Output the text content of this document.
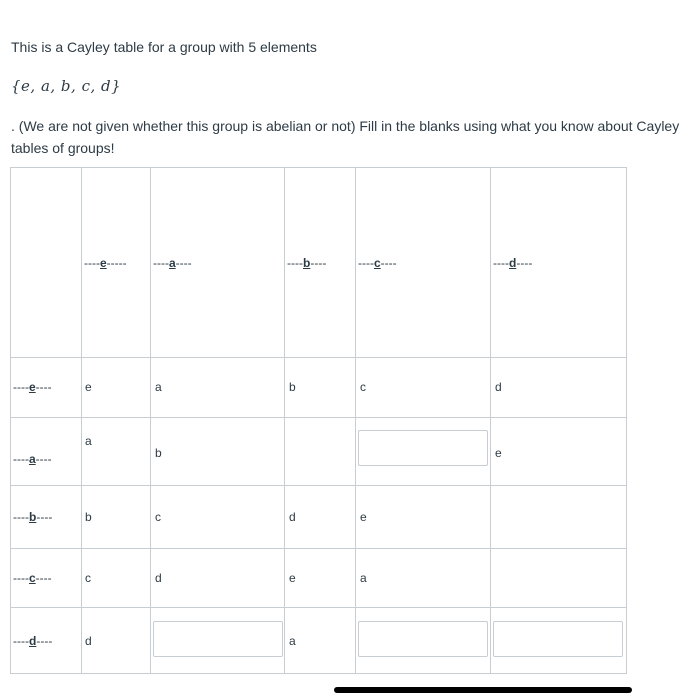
This is a Cayley table for a group with 5 elements
{e, a, b, c, d}
. (We are not given whether this group is abelian or not) Fill in the blanks using what you know about Cayley tables of groups!

	----e-----	----a----	----b----	----c----	----d----

----e----	e	a	b	c	d

----a----	a	b			e

----b----	b	c	d	e	

----c----	c	d	e	a	

----d----	d		a		
